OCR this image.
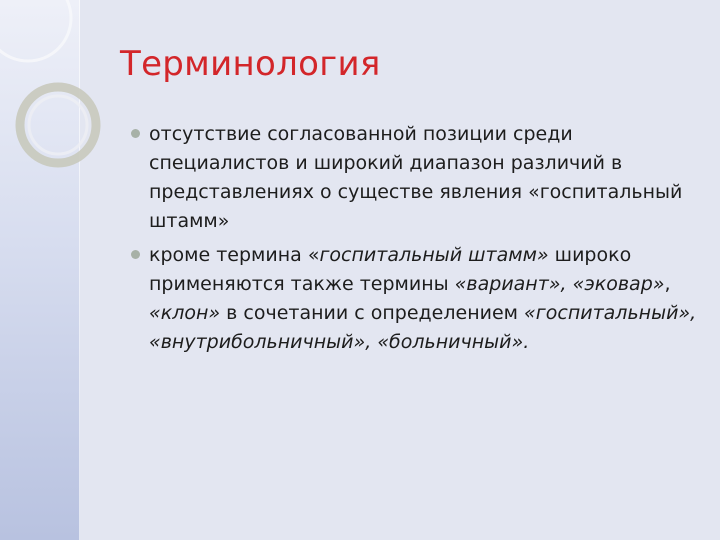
Терминология
отсутствие согласованной позиции среди специалистов и широкий диапазон различий в представлениях о существе явления «госпитальный штамм»
кроме термина «госпитальный штамм» широко применяются также термины «вариант», «эковар», «клон» в сочетании с определением «госпитальный», «внутрибольничный», «больничный».
